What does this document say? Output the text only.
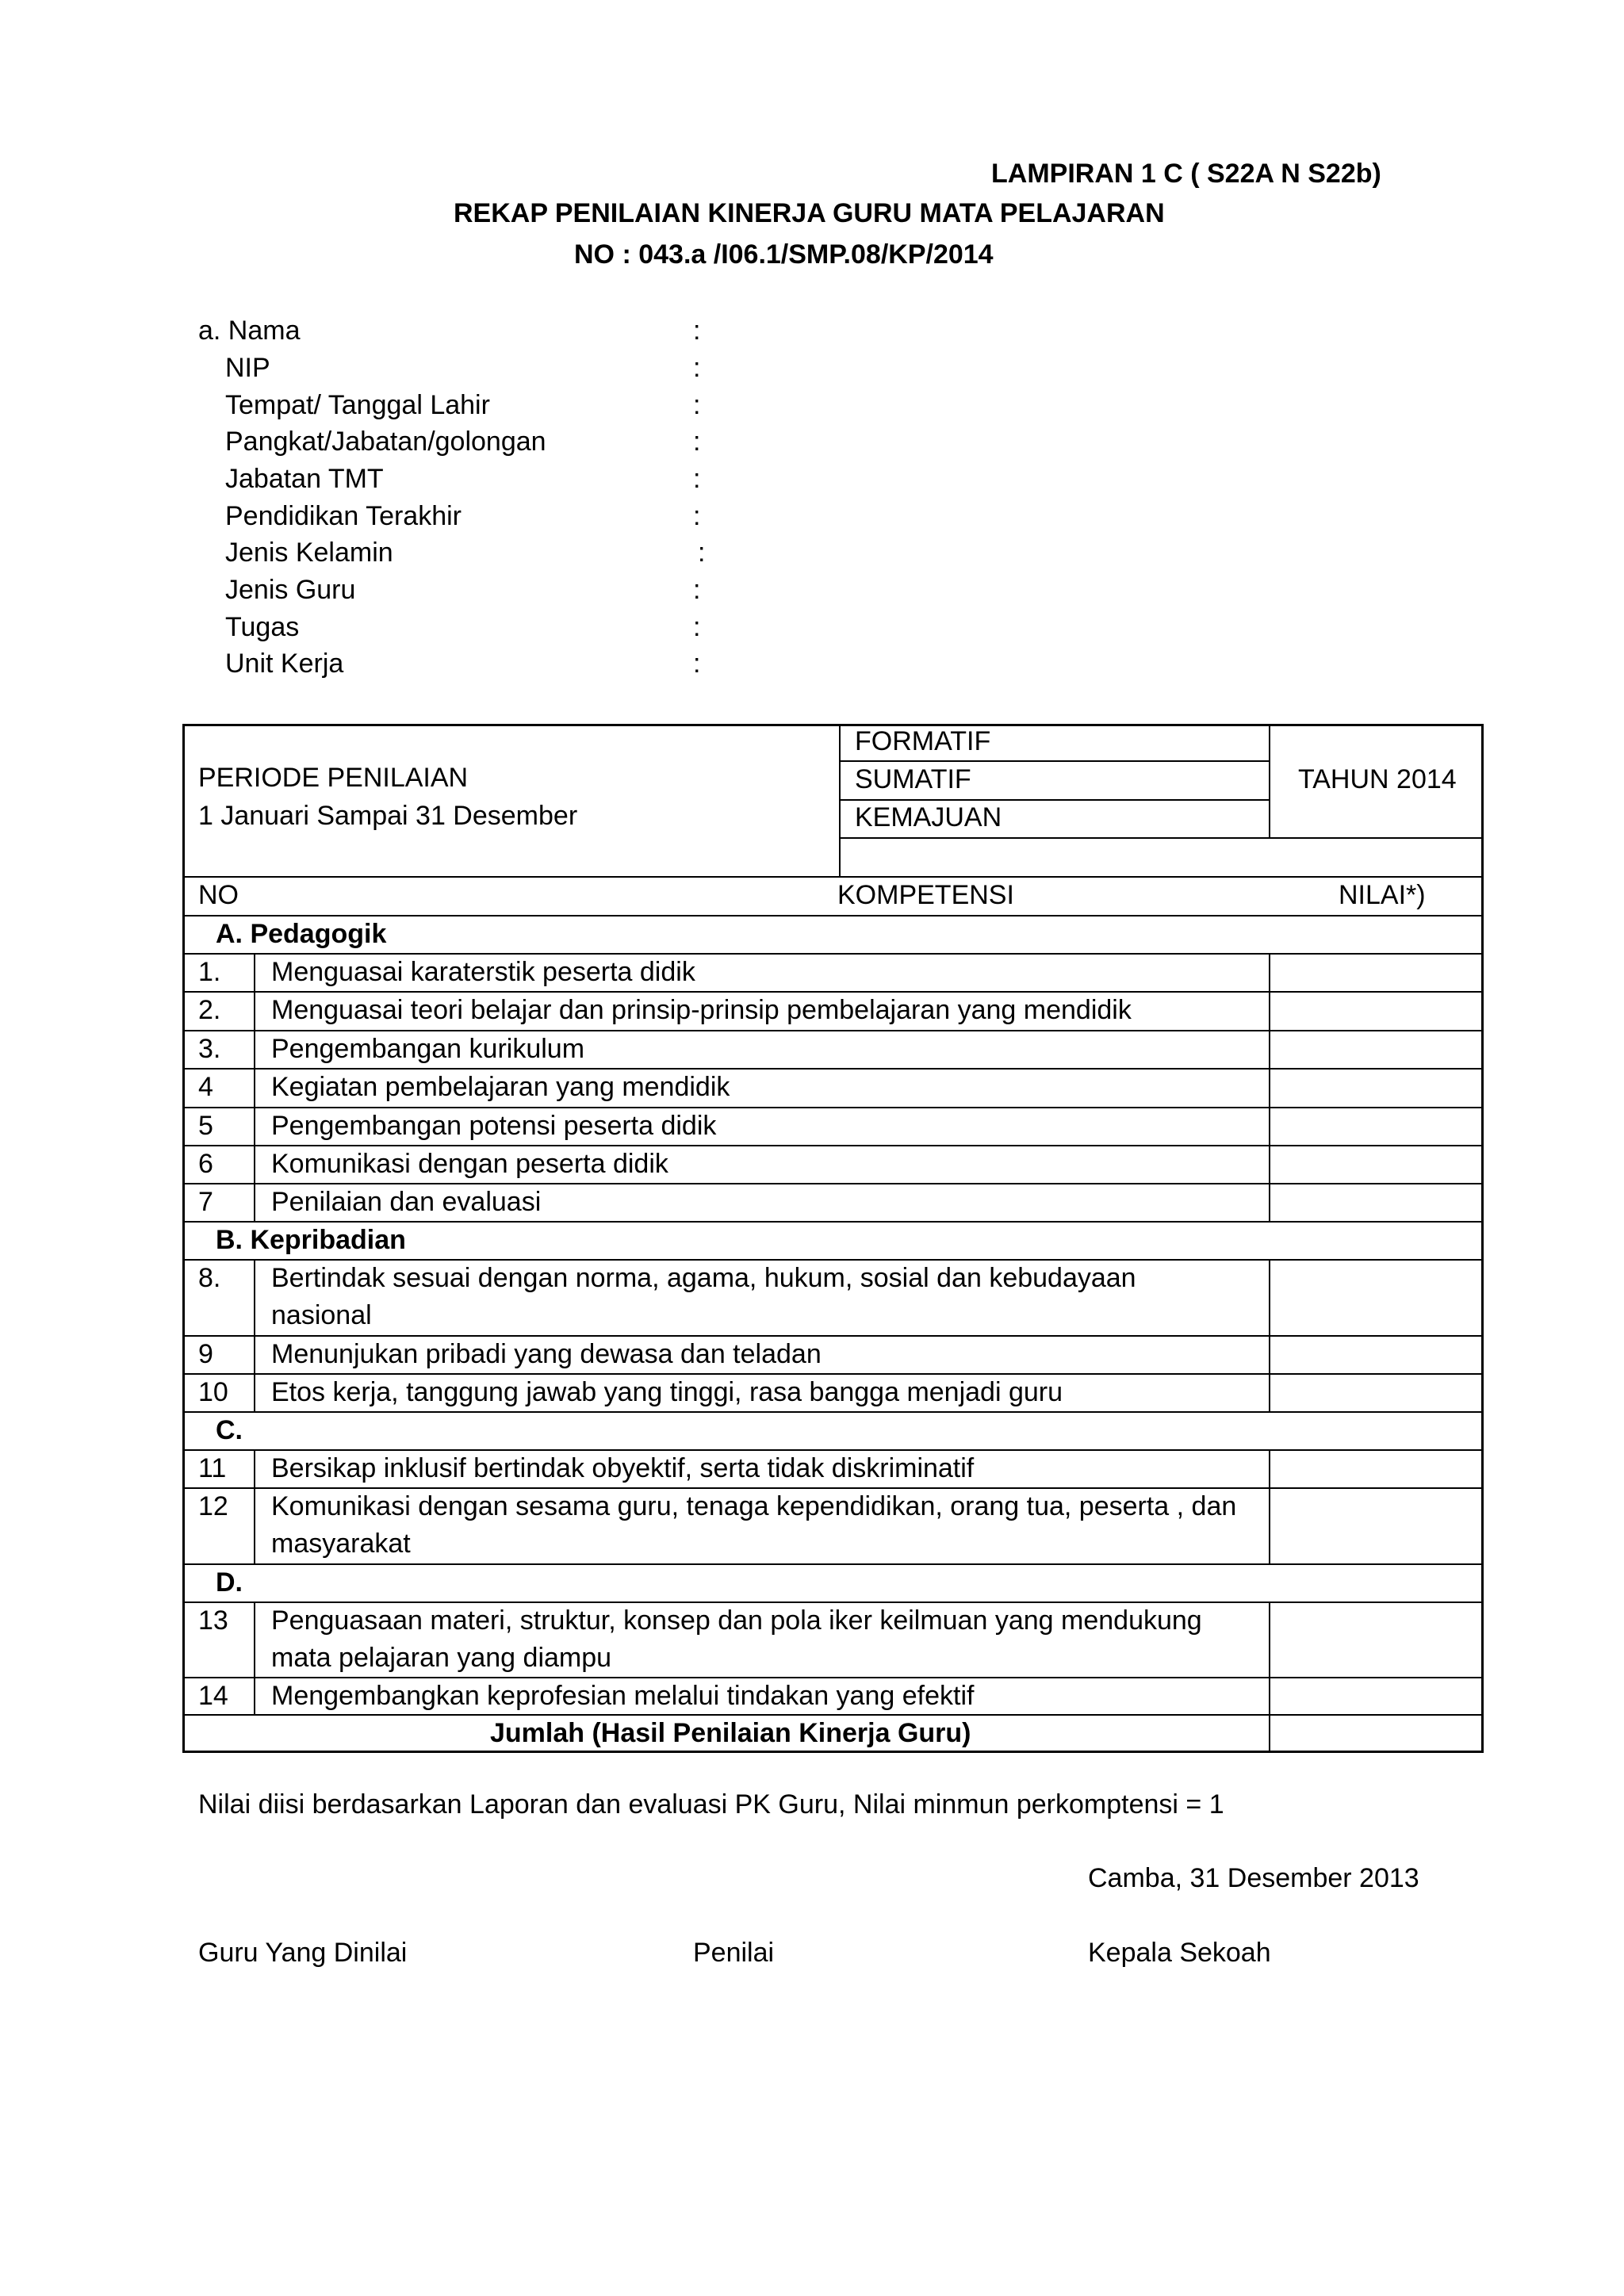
LAMPIRAN 1 C ( S22A N S22b)
REKAP PENILAIAN KINERJA GURU MATA PELAJARAN
NO : 043.a /I06.1/SMP.08/KP/2014
a. Nama	:
NIP	:
Tempat/ Tanggal Lahir	:
Pangkat/Jabatan/golongan	:
Jabatan TMT	:
Pendidikan Terakhir	:
Jenis Kelamin	:
Jenis Guru	:
Tugas	:
Unit Kerja	:
PERIODE PENILAIAN
1 Januari Sampai 31 Desember
FORMATIF
SUMATIF
KEMAJUAN
TAHUN 2014
NO	KOMPETENSI	NILAI*)
A. Pedagogik
1. Menguasai karaterstik peserta didik
2. Menguasai teori belajar dan prinsip-prinsip pembelajaran yang mendidik
3. Pengembangan kurikulum
4 Kegiatan pembelajaran yang mendidik
5 Pengembangan potensi peserta didik
6 Komunikasi dengan peserta didik
7 Penilaian dan evaluasi
B. Kepribadian
8. Bertindak sesuai dengan norma, agama, hukum, sosial dan kebudayaan nasional
9 Menunjukan pribadi yang dewasa dan teladan
10 Etos kerja, tanggung jawab yang tinggi, rasa bangga menjadi guru
C.
11 Bersikap inklusif bertindak obyektif, serta tidak diskriminatif
12 Komunikasi dengan sesama guru, tenaga kependidikan, orang tua, peserta , dan masyarakat
D.
13 Penguasaan materi, struktur, konsep dan pola iker keilmuan yang mendukung mata pelajaran yang diampu
14 Mengembangkan keprofesian melalui tindakan yang efektif
Jumlah (Hasil Penilaian Kinerja Guru)
Nilai diisi berdasarkan Laporan dan evaluasi PK Guru, Nilai minmun perkomptensi = 1
Camba, 31 Desember 2013
Guru Yang Dinilai	Penilai	Kepala Sekoah
